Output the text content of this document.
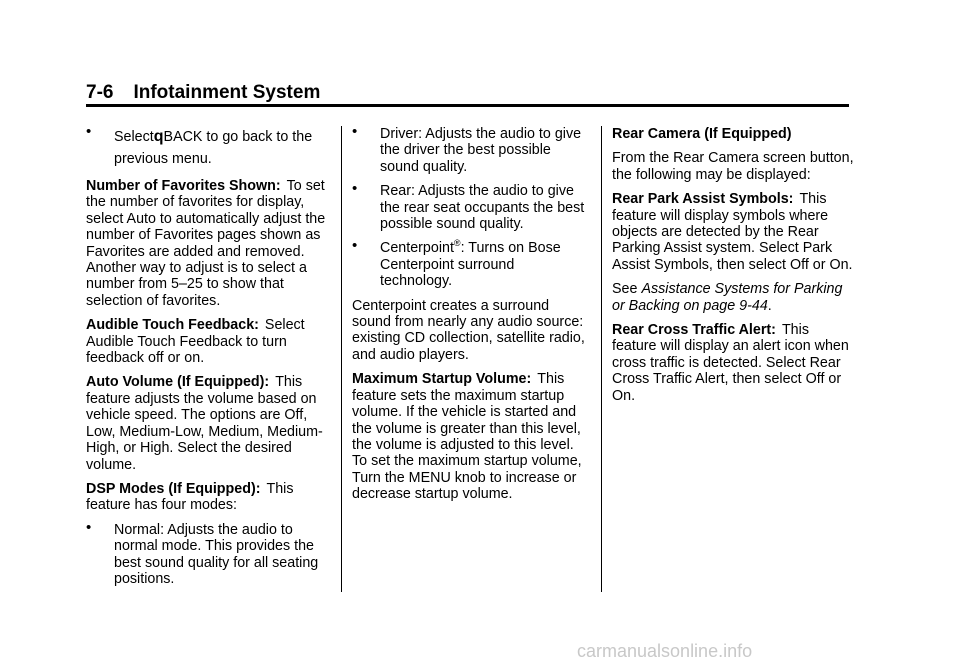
7-6 Infotainment System
• SelectqBACK to go back to the previous menu.

Number of Favorites Shown: To set the number of favorites for display, select Auto to automatically adjust the number of Favorites pages shown as Favorites are added and removed. Another way to adjust is to select a number from 5–25 to show that selection of favorites.

Audible Touch Feedback: Select Audible Touch Feedback to turn feedback off or on.

Auto Volume (If Equipped): This feature adjusts the volume based on vehicle speed. The options are Off, Low, Medium-Low, Medium, Medium-High, or High. Select the desired volume.

DSP Modes (If Equipped): This feature has four modes:

• Normal: Adjusts the audio to normal mode. This provides the best sound quality for all seating positions.
• Driver: Adjusts the audio to give the driver the best possible sound quality.
• Rear: Adjusts the audio to give the rear seat occupants the best possible sound quality.
• Centerpoint®: Turns on Bose Centerpoint surround technology.

Centerpoint creates a surround sound from nearly any audio source: existing CD collection, satellite radio, and audio players.

Maximum Startup Volume: This feature sets the maximum startup volume. If the vehicle is started and the volume is greater than this level, the volume is adjusted to this level. To set the maximum startup volume, Turn the MENU knob to increase or decrease startup volume.

Rear Camera (If Equipped)

From the Rear Camera screen button, the following may be displayed:

Rear Park Assist Symbols: This feature will display symbols where objects are detected by the Rear Parking Assist system. Select Park Assist Symbols, then select Off or On.

See Assistance Systems for Parking or Backing on page 9-44.

Rear Cross Traffic Alert: This feature will display an alert icon when cross traffic is detected. Select Rear Cross Traffic Alert, then select Off or On.

carmanualsonline.info
